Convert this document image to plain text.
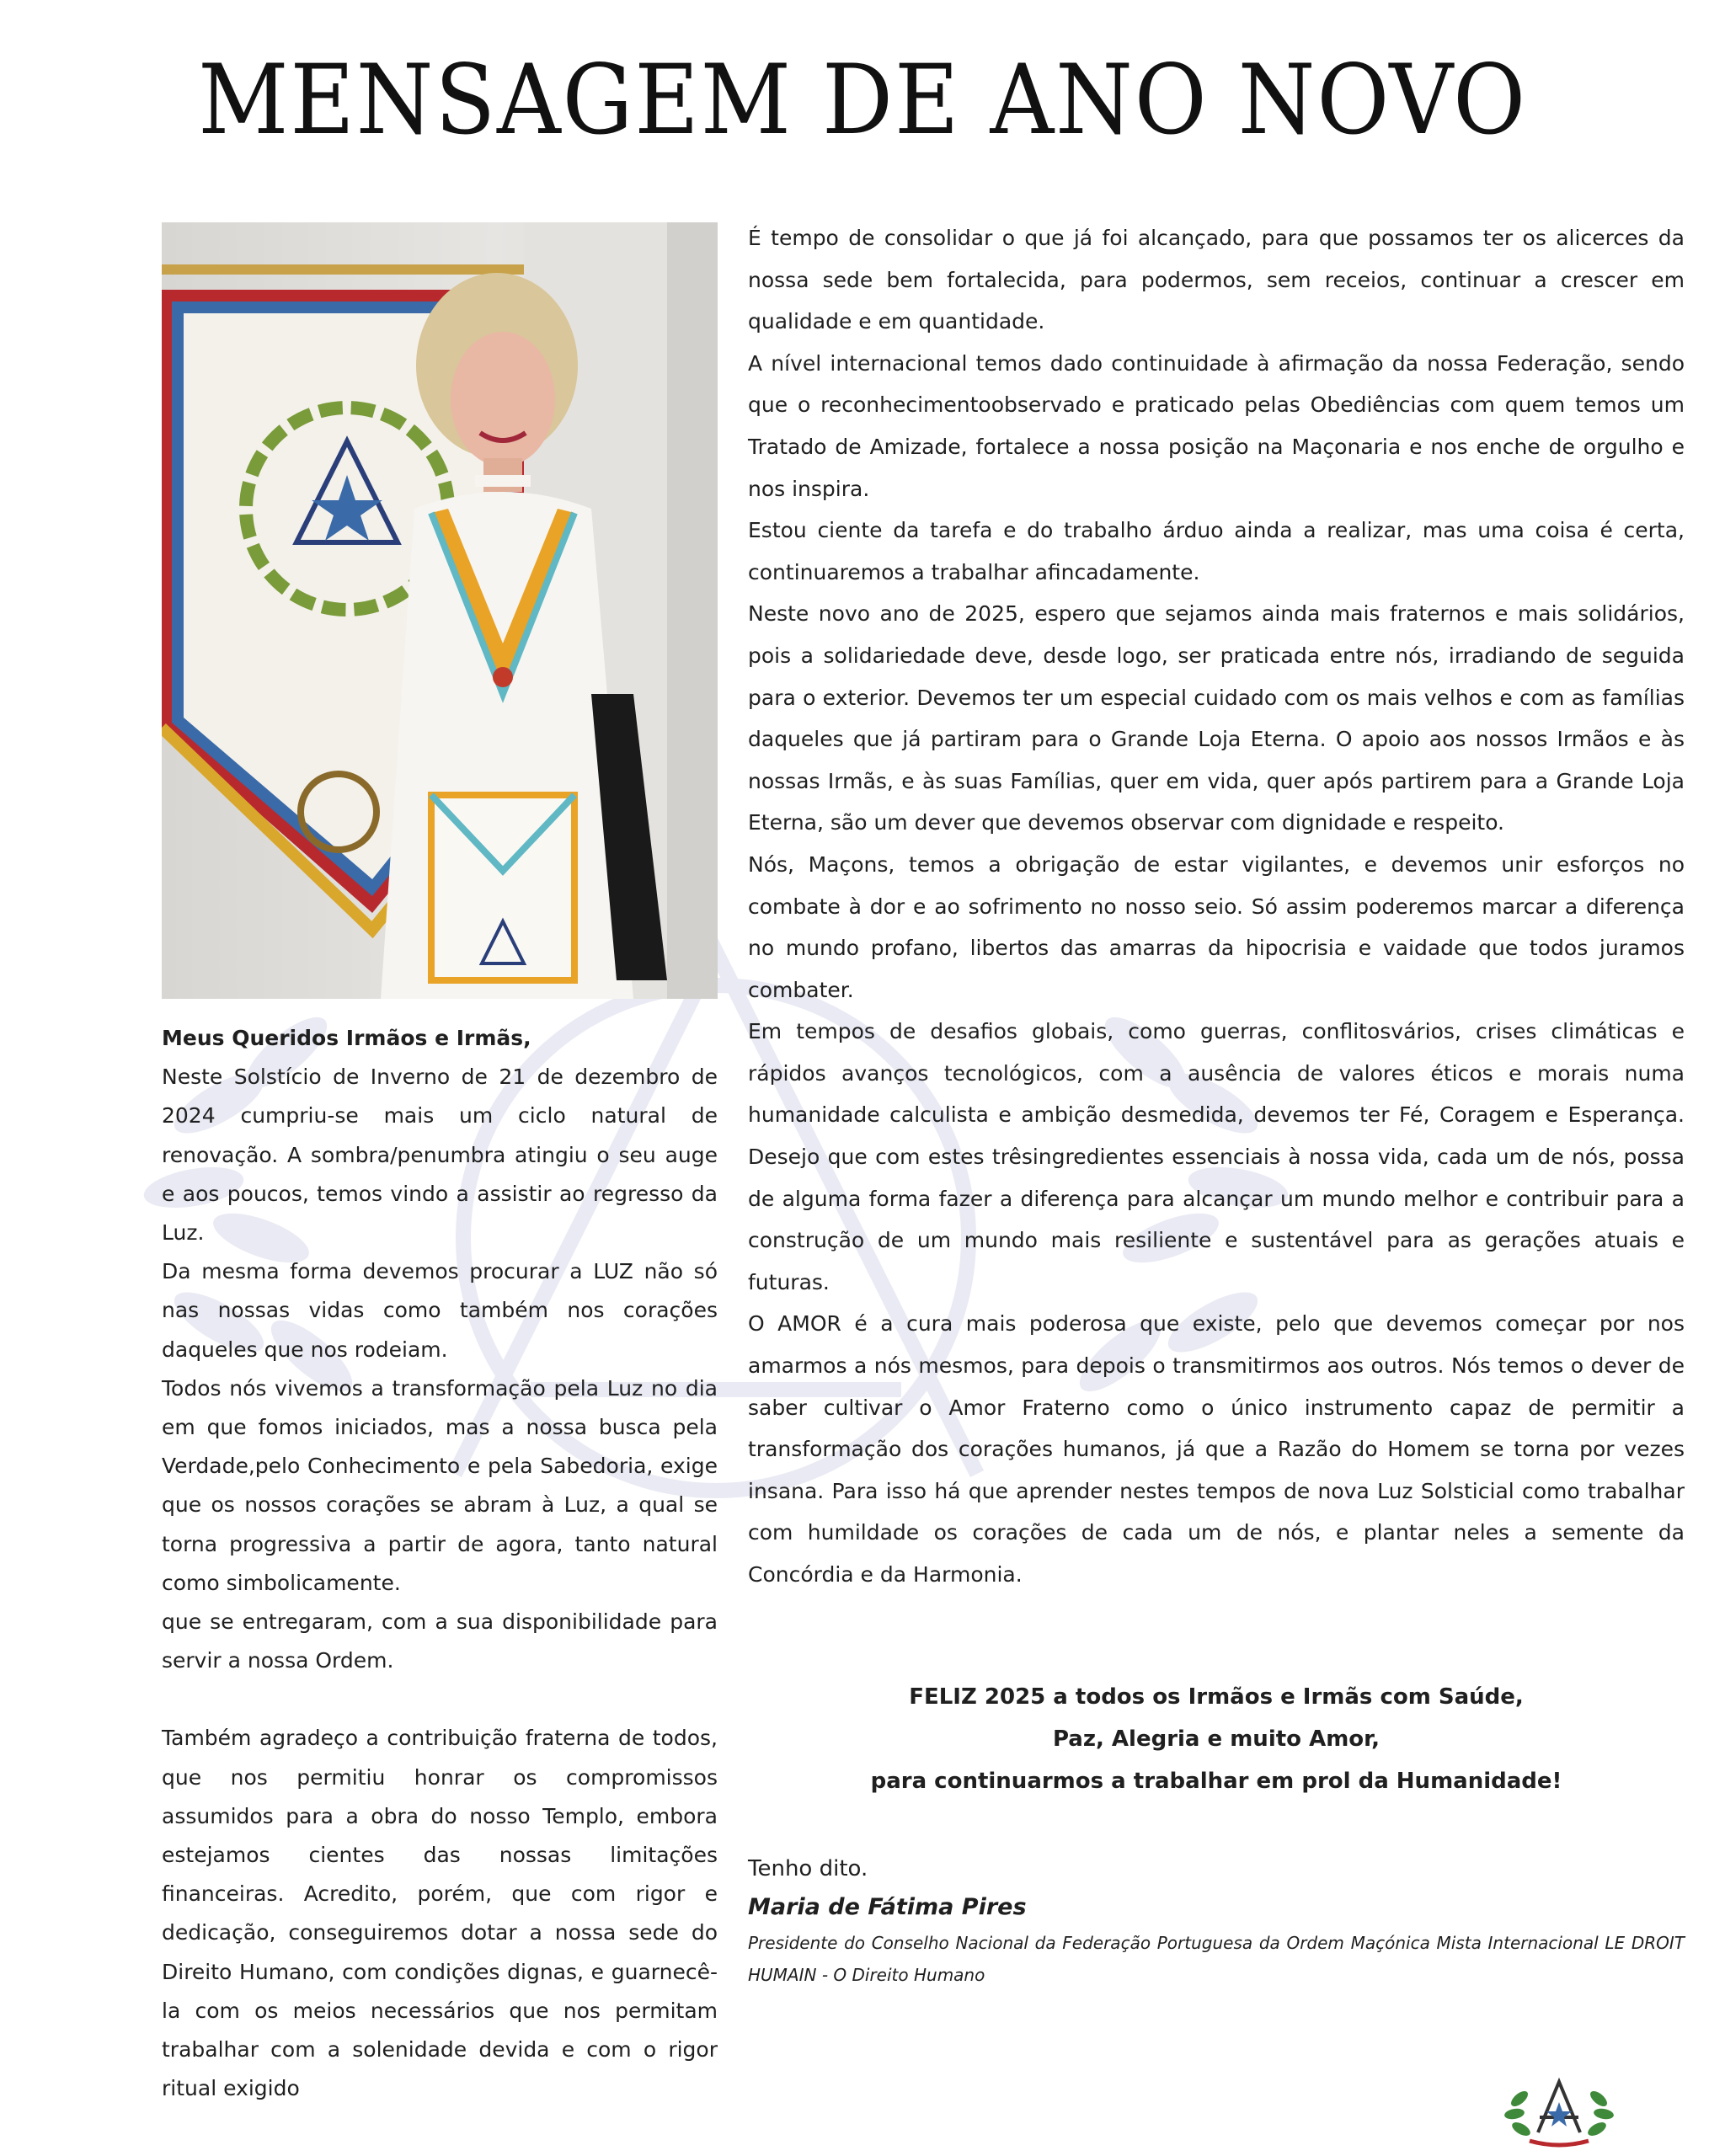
MENSAGEM DE ANO NOVO

Meus Queridos Irmãos e Irmãs,

Neste Solstício de Inverno de 21 de dezembro de 2024 cumpriu-se mais um ciclo natural de renovação. A sombra/penumbra atingiu o seu auge e aos poucos, temos vindo a assistir ao regresso da Luz.

Da mesma forma devemos procurar a LUZ não só nas nossas vidas como também nos corações daqueles que nos rodeiam.

Todos nós vivemos a transformação pela Luz no dia em que fomos iniciados, mas a nossa busca pela Verdade,pelo Conhecimento e pela Sabedoria, exige que os nossos corações se abram à Luz, a qual se torna progressiva a partir de agora, tanto natural como simbolicamente.

que se entregaram, com a sua disponibilidade para servir a nossa Ordem.

Também agradeço a contribuição fraterna de todos, que nos permitiu honrar os compromissos assumidos para a obra do nosso Templo, embora estejamos cientes das nossas limitações financeiras. Acredito, porém, que com rigor e dedicação, conseguiremos dotar a nossa sede do Direito Humano, com condições dignas, e guarnecê-la com os meios necessários que nos permitam trabalhar com a solenidade devida e com o rigor ritual exigido

É tempo de consolidar o que já foi alcançado, para que possamos ter os alicerces da nossa sede bem fortalecida, para podermos, sem receios, continuar a crescer em qualidade e em quantidade.

A nível internacional temos dado continuidade à afirmação da nossa Federação, sendo que o reconhecimentoobservado e praticado pelas Obediências com quem temos um Tratado de Amizade, fortalece a nossa posição na Maçonaria e nos enche de orgulho e nos inspira.

Estou ciente da tarefa e do trabalho árduo ainda a realizar, mas uma coisa é certa, continuaremos a trabalhar afincadamente.

Neste novo ano de 2025, espero que sejamos ainda mais fraternos e mais solidários, pois a solidariedade deve, desde logo, ser praticada entre nós, irradiando de seguida para o exterior. Devemos ter um especial cuidado com os mais velhos e com as famílias daqueles que já partiram para o Grande Loja Eterna. O apoio aos nossos Irmãos e às nossas Irmãs, e às suas Famílias, quer em vida, quer após partirem para a Grande Loja Eterna, são um dever que devemos observar com dignidade e respeito.

Nós, Maçons, temos a obrigação de estar vigilantes, e devemos unir esforços no combate à dor e ao sofrimento no nosso seio. Só assim poderemos marcar a diferença no mundo profano, libertos das amarras da hipocrisia e vaidade que todos juramos combater.

Em tempos de desafios globais, como guerras, conflitosvários, crises climáticas e rápidos avanços tecnológicos, com a ausência de valores éticos e morais numa humanidade calculista e ambição desmedida, devemos ter Fé, Coragem e Esperança. Desejo que com estes trêsingredientes essenciais à nossa vida, cada um de nós, possa de alguma forma fazer a diferença para alcançar um mundo melhor e contribuir para a construção de um mundo mais resiliente e sustentável para as gerações atuais e futuras.

O AMOR é a cura mais poderosa que existe, pelo que devemos começar por nos amarmos a nós mesmos, para depois o transmitirmos aos outros. Nós temos o dever de saber cultivar o Amor Fraterno como o único instrumento capaz de permitir a transformação dos corações humanos, já que a Razão do Homem se torna por vezes insana. Para isso há que aprender nestes tempos de nova Luz Solsticial como trabalhar com humildade os corações de cada um de nós, e plantar neles a semente da Concórdia e da Harmonia.

FELIZ 2025 a todos os Irmãos e Irmãs com Saúde,

Paz, Alegria e muito Amor,

para continuarmos a trabalhar em prol da Humanidade!

Tenho dito.

Maria de Fátima Pires

Presidente do Conselho Nacional da Federação Portuguesa da Ordem Maçónica Mista Internacional LE DROIT HUMAIN - O Direito Humano
